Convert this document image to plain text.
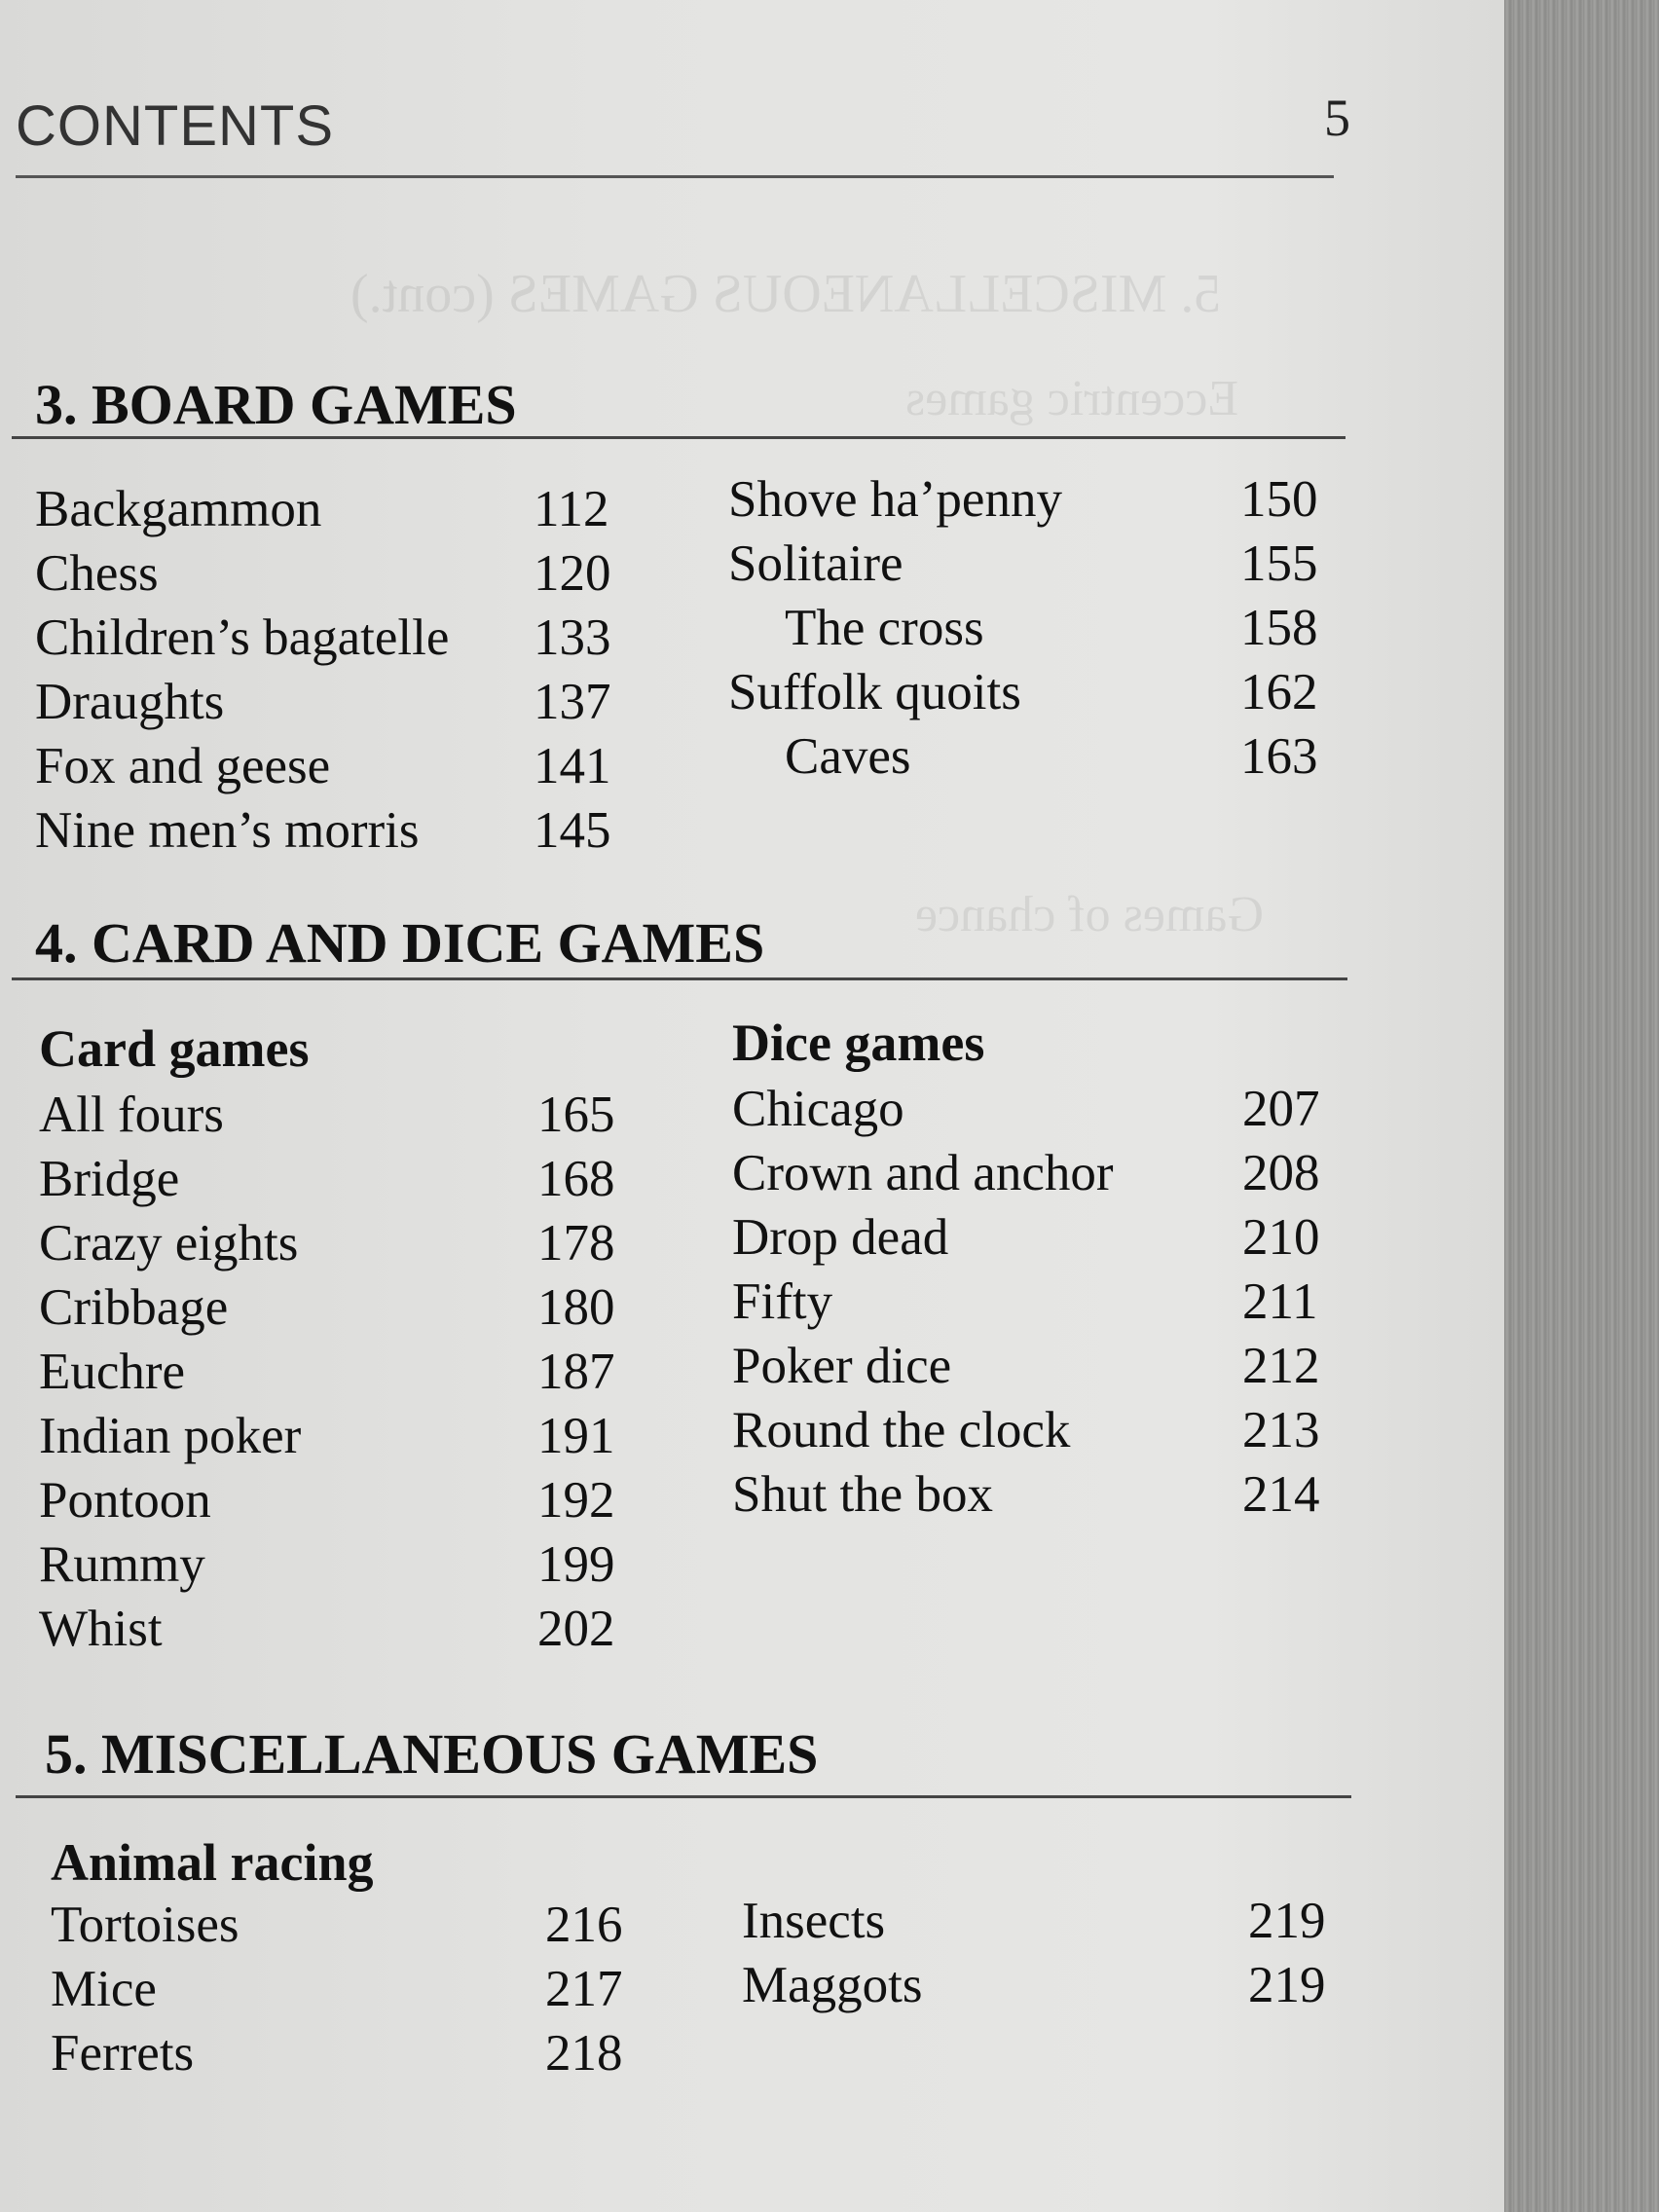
5. MISCELLANEOUS GAMES (cont.)
Eccentric games
Games of chance
CONTENTS	5
3. BOARD GAMES
Backgammon	112
Chess	120
Children’s bagatelle 133
Draughts	137
Fox and geese	141
Nine men’s morris 145
Shove ha’penny	150
Solitaire	155
The cross	158
Suffolk quoits	162
Caves	163
4. CARD AND DICE GAMES
Card games
All fours	165
Bridge	168
Crazy eights	178
Cribbage	180
Euchre	187
Indian poker	191
Pontoon	192
Rummy	199
Whist	202
Dice games
Chicago	207
Crown and anchor	208
Drop dead	210
Fifty	211
Poker dice	212
Round the clock	213
Shut the box	214
5. MISCELLANEOUS GAMES
Animal racing
Tortoises	216
Mice	217
Ferrets	218
Insects	219
Maggots	219
